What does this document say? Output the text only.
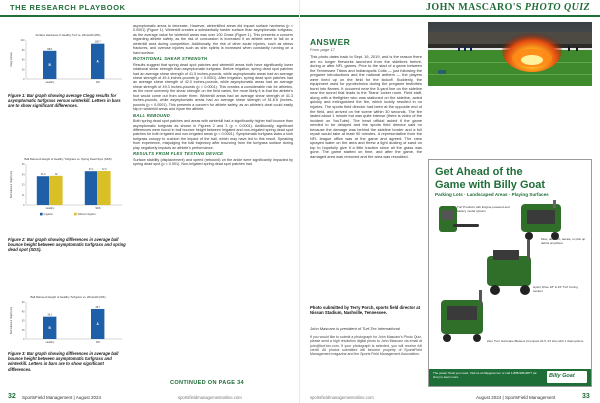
THE RESEARCH PLAYBOOK
Surface Hardness of Healthy Turf vs. Winterkill (WK)
0
30
60
90
120
Clegg (Gmax)
86.8
B
Healthy
108.7
A
WK
Figure 1: Bar graph showing average Clegg results for asymptomatic turfgrass versus winterkill. Letters in bars are to show significant differences.
Ball Rebound Height of Healthy Turfgrass vs. Spring Dead Spot (SDS)
0
11
23
34
45
Ball Rebound Height (cm)	31.6	32
Healthy
37.1	37.3
SDS
Irrigation	Without Irrigation
Figure 2: Bar graph showing differences in average ball bounce height between asymptomatic turfgrass and spring dead spot (SDS).
Ball Rebound Height of Healthy Turfgrass vs. Winterkill (WK)
0
15
30
45
60
Ball Rebound Height (cm)	36.2
B
Healthy
48.7
A
WK
Figure 3: Bar graph showing differences in average ball bounce height between asymptomatic turfgrass and winterkill. Letters in bars are to show significant differences.

asymptomatic areas to decrease. However, winterkilled areas did impact surface hardness (p < 0.0001) (Figure 1). Winterkill creates a substantially harder surface than asymptomatic turfgrass, as the average value for winterkill areas was over 100 Gmax (Figure 1). This presents a concern regarding athlete safety, as the risk of concussion is increased if an athlete were to fall on a winterkill area during competition. Additionally, the risk of other acute injuries, such as stress fractures, and overuse injuries such as shin splints is increased when constantly running on a hard surface.

ROTATIONAL SHEAR STRENGTH

Results suggest that spring dead spot patches and winterkill areas both have significantly lower rotational shear strength than asymptomatic turfgrass. Before irrigation, spring dead spot patches had an average shear strength of 41.5 inches-pounds, while asymptomatic areas had an average shear strength of 49.4 inches-pounds (p < 0.0001). After irrigation, spring dead spot patches had an average shear strength of 42.0 inches-pounds, while asymptomatic areas had an average shear strength of 49.3 inches-pounds (p < 0.0001). This creates a considerable risk for athletes, as the more unevenly the shear strength on the field varies, the more likely it is that the athlete's foot would come out from under them. Winterkill areas had an average shear strength of 41.3 inches-pounds, while asymptomatic areas had an average shear strength of 51.8.6 (inches-pounds (p < 0.0001). This presents a concern for athlete safety, as an athlete's cleat could easily slip in winterkill areas and injure the athlete.

BALL REBOUND

Both spring dead spot patches and areas with winterkill had a significantly higher ball bounce than asymptomatic turfgrass as shown in Figures 2 and 3 (p < 0.0001). Additionally, significant differences were found in ball bounce height between irrigated and non-irrigated spring dead spot patches for both irrigated and non-irrigated areas (p < 0.0001). Symptomatic turfgrass lacks a lush turfgrass canopy to cushion the impact of the ball, which may have led to this result. Speaking from experience, misjudging the ball trajectory after bouncing from the turfgrass surface during play negatively impacts an athlete's performance.

RESULTS FROM FLEX TESTING DEVICE

Surface stability (displacement) and speed (rebound) on the ankle were significantly impacted by spring dead spot (p < 0.001). Non-irrigated spring dead spot patches had

CONTINUED ON PAGE 34
32 SportsField Management | August 2024	sportsfieldmanagementonline.com
JOHN MASCARO'S PHOTO QUIZ
ANSWER
From page 17
This photo dates back to Sept. 16, 2019, and is the reason there are no longer fireworks launched from the sidelines before, during or after NFL games. Prior to the start of a game between the Tennessee Titans and Indianapolis Colts — just following the pregame introductions and the national anthem — the players were lined up on the field for the kickoff. Suddenly, the equipment used for pyrotechnics during the pregame festivities burst into flames. It occurred near the 5-yard line on the sideline near the tunnel that leads to the Titans' locker room. Field staff, along with a firefighter who was stationed on the sideline, acted quickly and extinguished the fire, which luckily resulted in no injuries. The sports field director had been at the opposite end of the field, and arrived on the scene within 30 seconds. The fire lasted about 1 minute but was quite intense (there is video of the incident on YouTube). The head official asked if the game needed to be delayed and the sports field director said no because the damage was behind the sideline border and a full repair would take at least 90 minutes. A representative from the NFL league office was at the game and agreed. The crew sprayed water on the area and threw a light dusting of sand on top to hopefully give it a little traction since all the grass was gone. The game started on time, and after the game, the damaged area was removed and the area was resodded.
Photo submitted by Terry Porch, sports field director at Nissan Stadium, Nashville, Tennessee.
John Mascaro is president of Turf-Tec International
If you would like to submit a photograph for John Mascaro's Photo Quiz, please send a high resolution digital photo to John Mascaro via email at john@turf-tec.com. If your photograph is selected, you will receive full credit. All photos submitted will become property of SportsField Management magazine and the Sports Field Management Association.
Get Ahead of the
Game with Billy Goat
Parking Lots · Landscaped Areas · Playing Surfaces
Turf Products with Engine-powered and battery model options
Mow, dethatch, aerate, or pick up debris anywhere
Hydro Drive 18" & 24" Turf Coring Aerator
Zero Turn Hurricane Blowers (Compact 22.5, 23 Lbs) with 1 dual options
The power Tools you need. Visit us at billygoat.com or call 1-888-986-9877 (at time) to learn more.	Billy Goat
sportsfieldmanagementonline.com	August 2024 | SportsField Management	33
